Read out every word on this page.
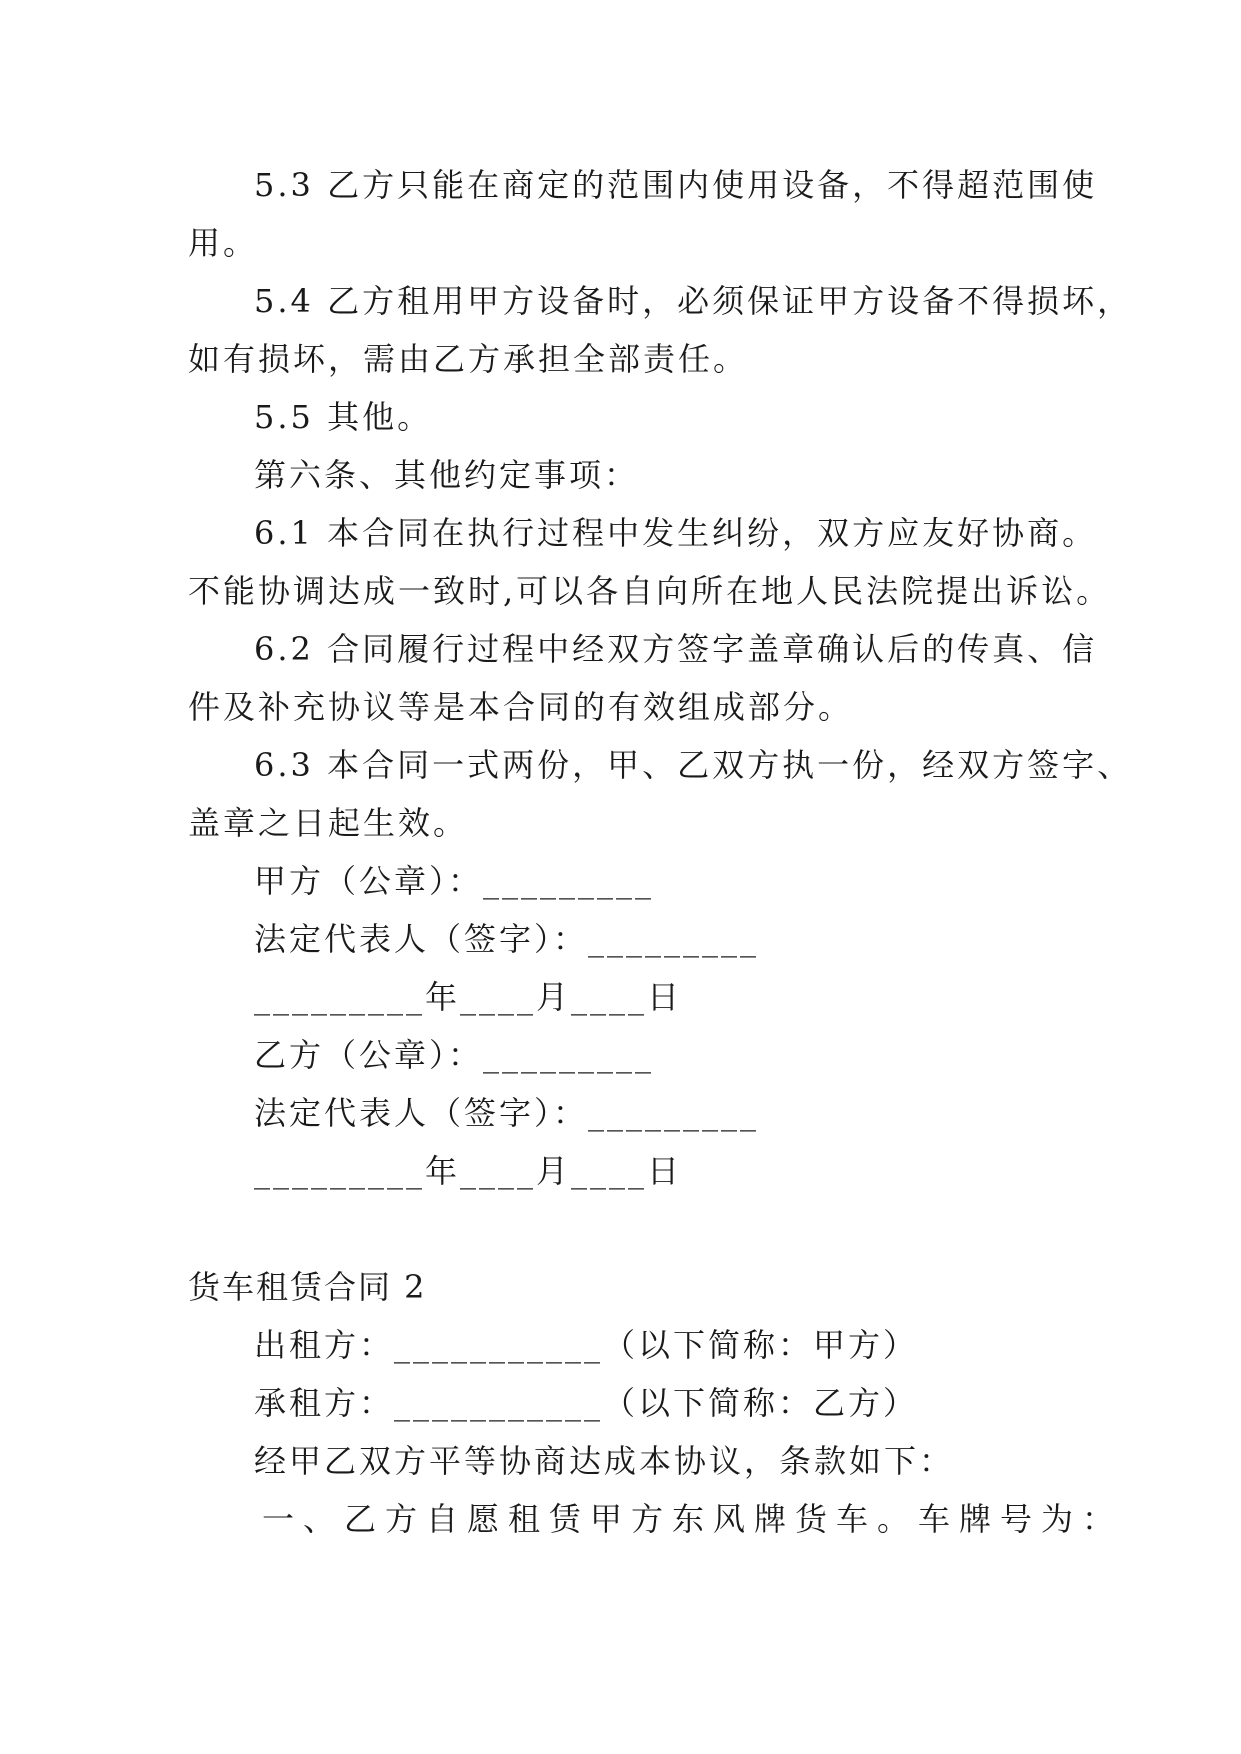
5.3 乙方只能在商定的范围内使用设备，不得超范围使
用。
5.4 乙方租用甲方设备时，必须保证甲方设备不得损坏，
如有损坏，需由乙方承担全部责任。
5.5 其他。
第六条、其他约定事项：
6.1 本合同在执行过程中发生纠纷，双方应友好协商。
不能协调达成一致时,可以各自向所在地人民法院提出诉讼。
6.2 合同履行过程中经双方签字盖章确认后的传真、信
件及补充协议等是本合同的有效组成部分。
6.3 本合同一式两份，甲、乙双方执一份，经双方签字、
盖章之日起生效。
甲方（公章）：_________
法定代表人（签字）：_________
_________年____月____日
乙方（公章）：_________
法定代表人（签字）：_________
_________年____月____日
货车租赁合同 2
出租方：___________（以下简称：甲方）
承租方：___________（以下简称：乙方）
经甲乙双方平等协商达成本协议，条款如下：
一、乙方自愿租赁甲方东风牌货车。车牌号为：
